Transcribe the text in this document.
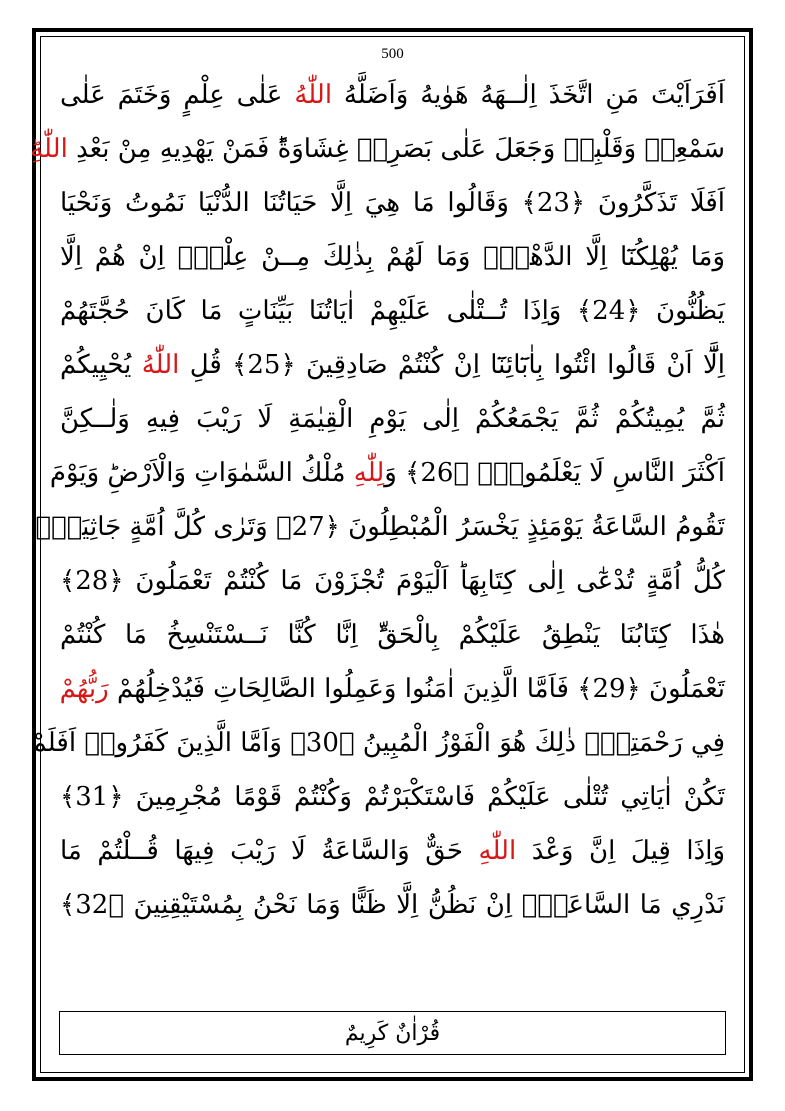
500
اَفَرَاَيْتَ مَنِ اتَّخَذَ اِلٰــهَهُ هَوٰيهُ وَاَضَلَّهُ اللّٰهُ عَلٰى عِلْمٍ وَخَتَمَ عَلٰى
سَمْعِهٖ وَقَلْبِهٖ وَجَعَلَ عَلٰى بَصَرِهٖ غِشَاوَةًؕ فَمَنْ يَهْدِيهِ مِنْ بَعْدِ اللّٰهِ
اَفَلَا تَذَكَّرُونَ ﴿23﴾ وَقَالُوا مَا هِيَ اِلَّا حَيَاتُنَا الدُّنْيَا نَمُوتُ وَنَحْيَا
وَمَا يُهْلِكُنَٓا اِلَّا الدَّهْرُۚ وَمَا لَهُمْ بِذٰلِكَ مِــنْ عِلْمٍۚ اِنْ هُمْ اِلَّا
يَظُنُّونَ ﴿24﴾ وَاِذَا تُــتْلٰى عَلَيْهِمْ اٰيَاتُنَا بَيِّنَاتٍ مَا كَانَ حُجَّتَهُمْ
اِلَّٓا اَنْ قَالُوا ائْتُوا بِاٰبَٓائِنَٓا اِنْ كُنْتُمْ صَادِقِينَ ﴿25﴾ قُلِ اللّٰهُ يُحْيِيكُمْ
ثُمَّ يُمِيتُكُمْ ثُمَّ يَجْمَعُكُمْ اِلٰى يَوْمِ الْقِيٰمَةِ لَا رَيْبَ فِيهِ وَلٰــكِنَّ
اَكْثَرَ النَّاسِ لَا يَعْلَمُونَۙ ﴿26﴾ وَلِلّٰهِ مُلْكُ السَّمٰوَاتِ وَالْاَرْضِؕ وَيَوْمَ
تَقُومُ السَّاعَةُ يَوْمَئِذٍ يَخْسَرُ الْمُبْطِلُونَ ﴿27﴾ وَتَرٰى كُلَّ اُمَّةٍ جَاثِيَةًۗ
كُلُّ اُمَّةٍ تُدْعٰٓى اِلٰى كِتَابِهَاؕ اَلْيَوْمَ تُجْزَوْنَ مَا كُنْتُمْ تَعْمَلُونَ ﴿28﴾
هٰذَا كِتَابُنَا يَنْطِقُ عَلَيْكُمْ بِالْحَقِّؕ اِنَّا كُنَّا نَــسْتَنْسِخُ مَا كُنْتُمْ
تَعْمَلُونَ ﴿29﴾ فَاَمَّا الَّذِينَ اٰمَنُوا وَعَمِلُوا الصَّالِحَاتِ فَيُدْخِلُهُمْ رَبُّهُمْ
فِي رَحْمَتِهٖؕ ذٰلِكَ هُوَ الْفَوْزُ الْمُبِينُ ﴿30﴾ وَاَمَّا الَّذِينَ كَفَرُواۗ اَفَلَمْ
تَكُنْ اٰيَاتِي تُتْلٰى عَلَيْكُمْ فَاسْتَكْبَرْتُمْ وَكُنْتُمْ قَوْمًا مُجْرِمِينَ ﴿31﴾
وَاِذَا قِيلَ اِنَّ وَعْدَ اللّٰهِ حَقٌّ وَالسَّاعَةُ لَا رَيْبَ فِيهَا قُــلْتُمْ مَا
نَدْرِي مَا السَّاعَةُۜ اِنْ نَظُنُّ اِلَّا ظَنًّا وَمَا نَحْنُ بِمُسْتَيْقِنِينَ ﴿32﴾
قُرْاٰنٌ كَرِيمٌ
